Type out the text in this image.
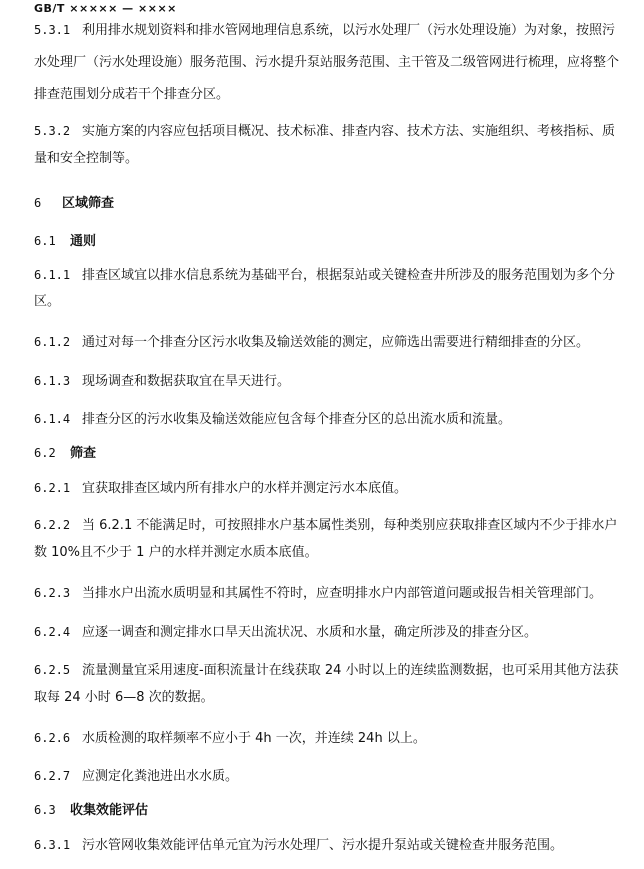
GB/T ××××× — ××××
5.3.1 利用排水规划资料和排水管网地理信息系统，以污水处理厂（污水处理设施）为对象，按照污
水处理厂（污水处理设施）服务范围、污水提升泵站服务范围、主干管及二级管网进行梳理，应将整个
排查范围划分成若干个排查分区。
5.3.2 实施方案的内容应包括项目概况、技术标准、排查内容、技术方法、实施组织、考核指标、质
量和安全控制等。
6 区域筛查
6.1 通则
6.1.1 排查区域宜以排水信息系统为基础平台，根据泵站或关键检查井所涉及的服务范围划为多个分
区。
6.1.2 通过对每一个排查分区污水收集及输送效能的测定，应筛选出需要进行精细排查的分区。
6.1.3 现场调查和数据获取宜在旱天进行。
6.1.4 排查分区的污水收集及输送效能应包含每个排查分区的总出流水质和流量。
6.2 筛查
6.2.1 宜获取排查区域内所有排水户的水样并测定污水本底值。
6.2.2 当 6.2.1 不能满足时，可按照排水户基本属性类别，每种类别应获取排查区域内不少于排水户
数 10%且不少于 1 户的水样并测定水质本底值。
6.2.3 当排水户出流水质明显和其属性不符时，应查明排水户内部管道问题或报告相关管理部门。
6.2.4 应逐一调查和测定排水口旱天出流状况、水质和水量，确定所涉及的排查分区。
6.2.5 流量测量宜采用速度-面积流量计在线获取 24 小时以上的连续监测数据，也可采用其他方法获
取每 24 小时 6—8 次的数据。
6.2.6 水质检测的取样频率不应小于 4h 一次，并连续 24h 以上。
6.2.7 应测定化粪池进出水水质。
6.3 收集效能评估
6.3.1 污水管网收集效能评估单元宜为污水处理厂、污水提升泵站或关键检查井服务范围。
